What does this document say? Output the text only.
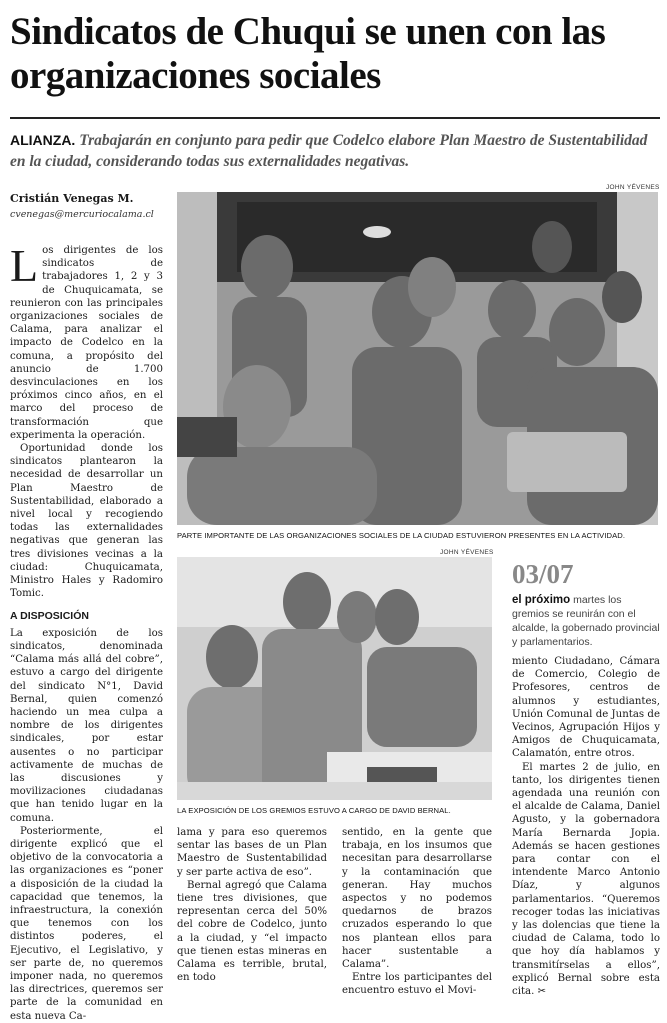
Sindicatos de Chuqui se unen con las organizaciones sociales
ALIANZA. Trabajarán en conjunto para pedir que Codelco elabore Plan Maestro de Sustentabilidad en la ciudad, considerando todas sus externalidades negativas.
Cristián Venegas M.
cvenegas@mercuriocalama.cl
JOHN YÉVENES
PARTE IMPORTANTE DE LAS ORGANIZACIONES SOCIALES DE LA CIUDAD ESTUVIERON PRESENTES EN LA ACTIVIDAD.
JOHN YÉVENES
LA EXPOSICIÓN DE LOS GREMIOS ESTUVO A CARGO DE DAVID BERNAL.
03/07
el próximo martes los gremios se reunirán con el alcalde, la gobernado provincial y parlamentarios.

Los dirigentes de los sindicatos de trabajadores 1, 2 y 3 de Chuquicamata, se reunieron con las principales organizaciones sociales de Calama, para analizar el impacto de Codelco en la comuna, a propósito del anuncio de 1.700 desvinculaciones en los próximos cinco años, en el marco del proceso de transformación que experimenta la operación.

Oportunidad donde los sindicatos plantearon la necesidad de desarrollar un Plan Maestro de Sustentabilidad, elaborado a nivel local y recogiendo todas las externalidades negativas que generan las tres divisiones vecinas a la ciudad: Chuquicamata, Ministro Hales y Radomiro Tomic.

A DISPOSICIÓN

La exposición de los sindicatos, denominada “Calama más allá del cobre”, estuvo a cargo del dirigente del sindicato N°1, David Bernal, quien comenzó haciendo un mea culpa a nombre de los dirigentes sindicales, por estar ausentes o no participar activamente de muchas de las discusiones y movilizaciones ciudadanas que han tenido lugar en la comuna.

Posteriormente, el dirigente explicó que el objetivo de la convocatoria a las organizaciones es “poner a disposición de la ciudad la capacidad que tenemos, la infraestructura, la conexión que tenemos con los distintos poderes, el Ejecutivo, el Legislativo, y ser parte de, no queremos imponer nada, no queremos las directrices, queremos ser parte de la comunidad en esta nueva Ca-

lama y para eso queremos sentar las bases de un Plan Maestro de Sustentabilidad y ser parte activa de eso”.

Bernal agregó que Calama tiene tres divisiones, que representan cerca del 50% del cobre de Codelco, junto a la ciudad, y “el impacto que tienen estas mineras en Calama es terrible, brutal, en todo

sentido, en la gente que trabaja, en los insumos que necesitan para desarrollarse y la contaminación que generan. Hay muchos aspectos y no podemos quedarnos de brazos cruzados esperando lo que nos plantean ellos para hacer sustentable a Calama”.

Entre los participantes del encuentro estuvo el Movi-

miento Ciudadano, Cámara de Comercio, Colegio de Profesores, centros de alumnos y estudiantes, Unión Comunal de Juntas de Vecinos, Agrupación Hijos y Amigos de Chuquicamata, Calamatón, entre otros.

El martes 2 de julio, en tanto, los dirigentes tienen agendada una reunión con el alcalde de Calama, Daniel Agusto, y la gobernadora María Bernarda Jopia. Además se hacen gestiones para contar con el intendente Marco Antonio Díaz, y algunos parlamentarios. “Queremos recoger todas las iniciativas y las dolencias que tiene la ciudad de Calama, todo lo que hoy día hablamos y transmitírselas a ellos”, explicó Bernal sobre esta cita. ✂
